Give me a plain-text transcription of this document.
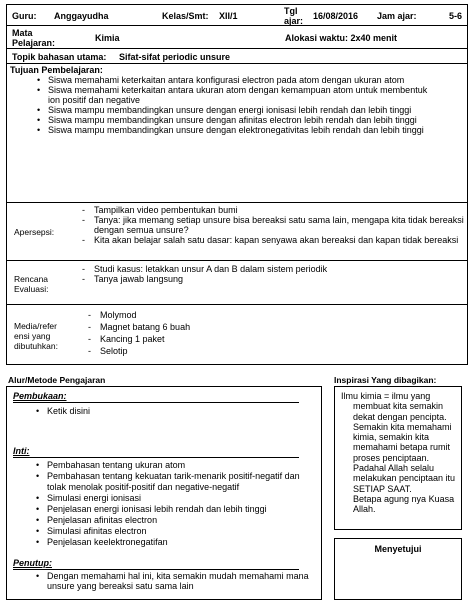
Guru: Anggayudha	Kelas/Smt: XII/1	Tgl
ajar: 16/08/2016 Jam ajar:	5-6
Mata
Pelajaran:	Kimia	Alokasi waktu: 2x40 menit
Topik bahasan utama: Sifat-sifat periodic unsure
Tujuan Pembelajaran:
• Siswa memahami keterkaitan antara konfigurasi electron pada atom dengan ukuran atom
• Siswa memahami keterkaitan antara ukuran atom dengan kemampuan atom untuk membentuk ion positif dan negative
• Siswa mampu membandingkan unsure dengan energi ionisasi lebih rendah dan lebih tinggi
• Siswa mampu membandingkan unsure dengan afinitas electron lebih rendah dan lebih tinggi
• Siswa mampu membandingkan unsure dengan elektronegativitas lebih rendah dan lebih tinggi
Apersepsi:
- Tampilkan video pembentukan bumi
- Tanya: jika memang setiap unsure bisa bereaksi satu sama lain, mengapa kita tidak bereaksi dengan semua unsure?
- Kita akan belajar salah satu dasar: kapan senyawa akan bereaksi dan kapan tidak bereaksi
Rencana
Evaluasi:
- Studi kasus: letakkan unsur A dan B dalam sistem periodik
- Tanya jawab langsung
Media/refer
ensi yang
dibutuhkan:
- Molymod
- Magnet batang 6 buah
- Kancing 1 paket
- Selotip
Alur/Metode Pengajaran
Pembukaan:
• Ketik disini
Inti:
• Pembahasan tentang ukuran atom
• Pembahasan tentang kekuatan tarik-menarik positif-negatif dan tolak menolak positif-positif dan negative-negatif
• Simulasi energi ionisasi
• Penjelasan energi ionisasi lebih rendah dan lebih tinggi
• Penjelasan afinitas electron
• Simulasi afinitas electron
• Penjelasan keelektronegatifan
Penutup:
• Dengan memahami hal ini, kita semakin mudah memahami mana unsure yang bereaksi satu sama lain
Inspirasi Yang dibagikan:
Ilmu kimia = ilmu yang
membuat kita semakin
dekat dengan pencipta.
Semakin kita memahami
kimia, semakin kita
memahami betapa rumit
proses penciptaan.
Padahal Allah selalu
melakukan penciptaan itu
SETIAP SAAT.
Betapa agung nya Kuasa
Allah.
Menyetujui
